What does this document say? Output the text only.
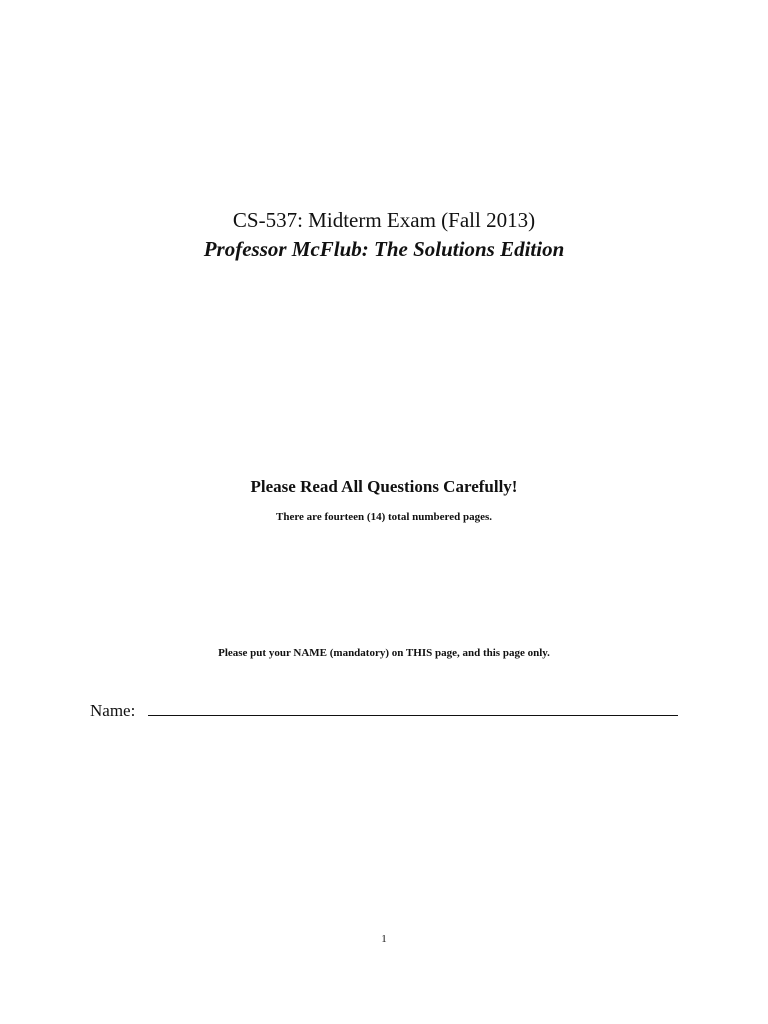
CS-537: Midterm Exam (Fall 2013)
Professor McFlub: The Solutions Edition
Please Read All Questions Carefully!
There are fourteen (14) total numbered pages.
Please put your NAME (mandatory) on THIS page, and this page only.
Name:
1
